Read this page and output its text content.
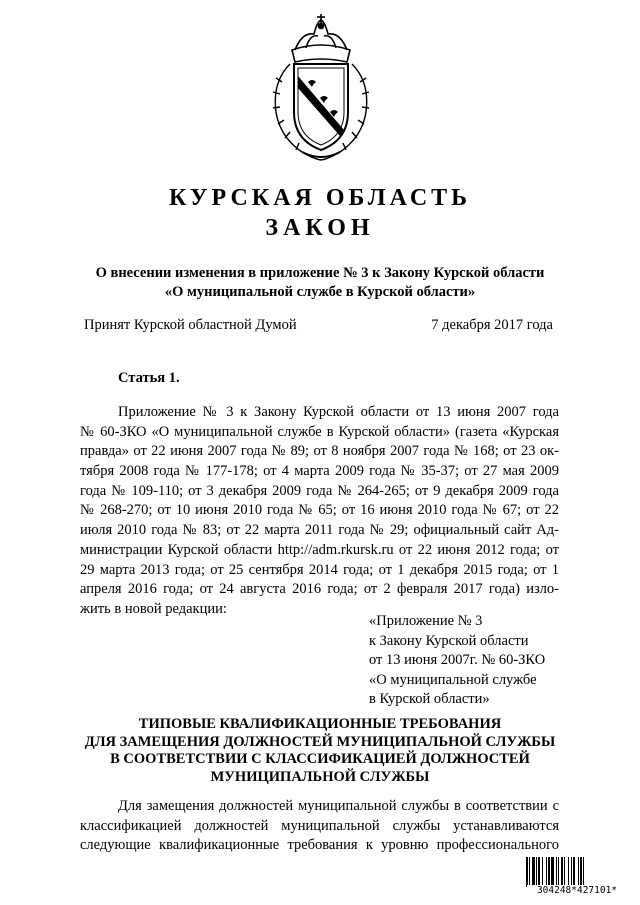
КУРСКАЯ ОБЛАСТЬ
ЗАКОН
О внесении изменения в приложение № 3 к Закону Курской области
«О муниципальной службе в Курской области»
Принят Курской областной Думой	7 декабря 2017 года
Статья 1.
Приложение № 3 к Закону Курской области от 13 июня 2007 года
№ 60-ЗКО «О муниципальной службе в Курской области» (газета «Курская
правда» от 22 июня 2007 года № 89; от 8 ноября 2007 года № 168; от 23 ок-
тября 2008 года № 177-178; от 4 марта 2009 года № 35-37; от 27 мая 2009
года № 109-110; от 3 декабря 2009 года № 264-265; от 9 декабря 2009 года
№ 268-270; от 10 июня 2010 года № 65; от 16 июня 2010 года № 67; от 22
июля 2010 года № 83; от 22 марта 2011 года № 29; официальный сайт Ад-
министрации Курской области http://adm.rkursk.ru от 22 июня 2012 года; от
29 марта 2013 года; от 25 сентября 2014 года; от 1 декабря 2015 года; от 1
апреля 2016 года; от 24 августа 2016 года; от 2 февраля 2017 года) изло-
жить в новой редакции:
«Приложение № 3
к Закону Курской области
от 13 июня 2007г. № 60-ЗКО
«О муниципальной службе
в Курской области»
ТИПОВЫЕ КВАЛИФИКАЦИОННЫЕ ТРЕБОВАНИЯ
ДЛЯ ЗАМЕЩЕНИЯ ДОЛЖНОСТЕЙ МУНИЦИПАЛЬНОЙ СЛУЖБЫ
В СООТВЕТСТВИИ С КЛАССИФИКАЦИЕЙ ДОЛЖНОСТЕЙ
МУНИЦИПАЛЬНОЙ СЛУЖБЫ
Для замещения должностей муниципальной службы в соответствии с
классификацией должностей муниципальной службы устанавливаются
следующие квалификационные требования к уровню профессионального
304248*427101*
